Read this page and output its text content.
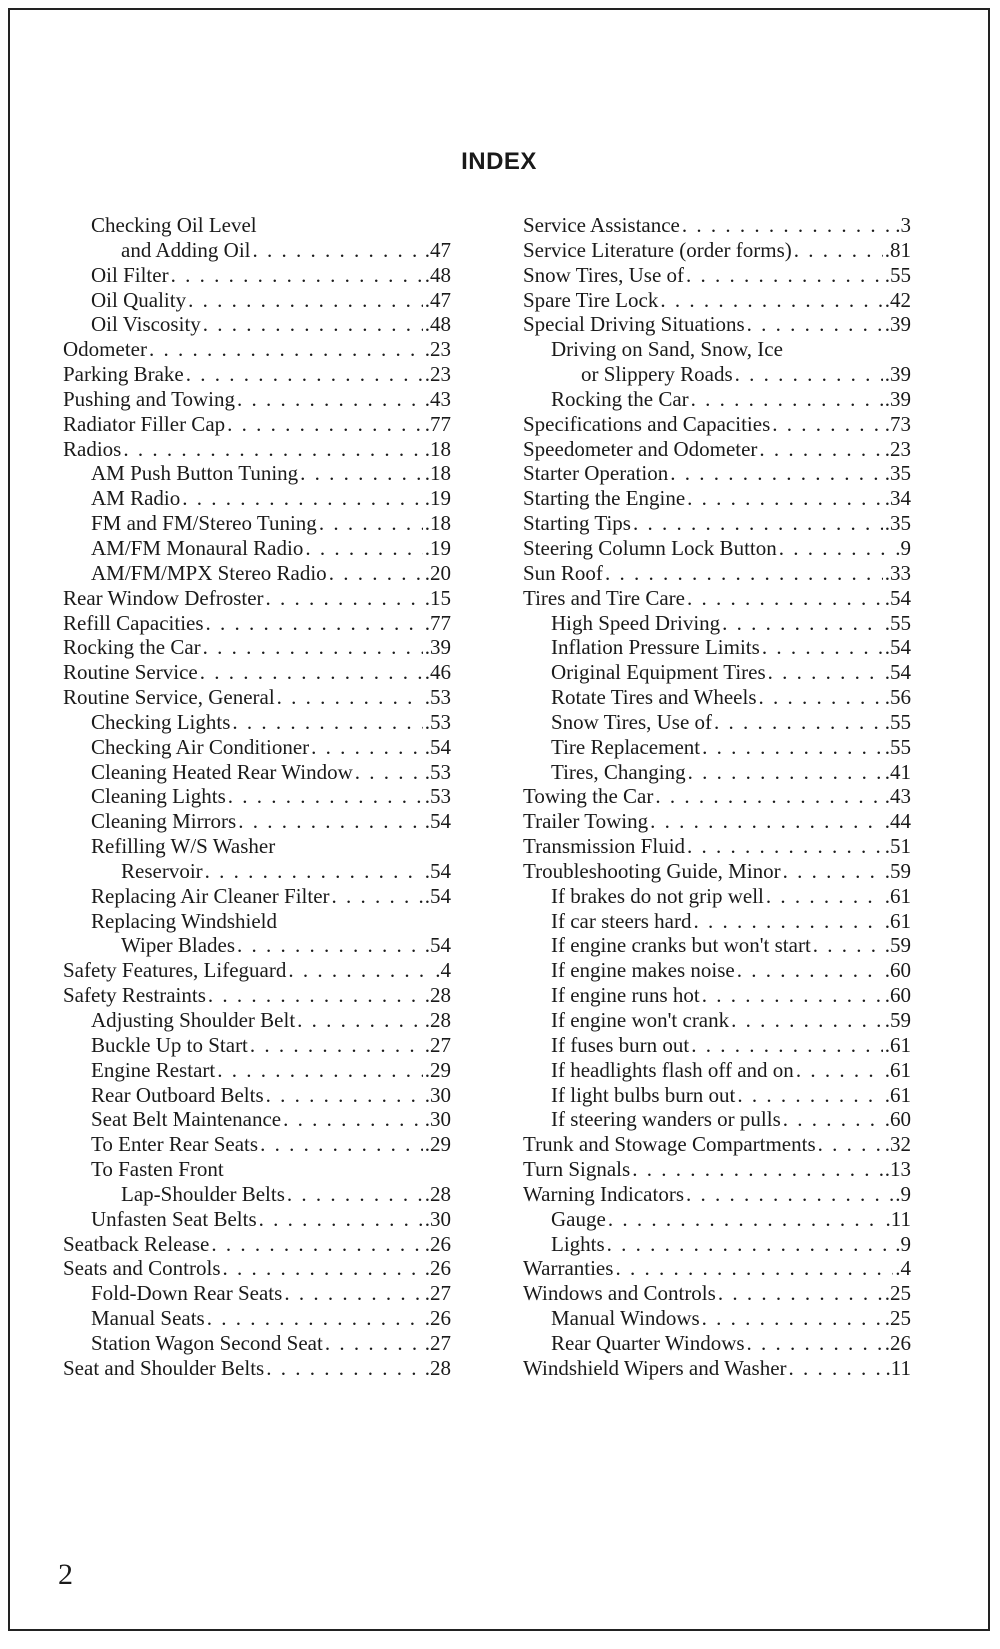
INDEX
Checking Oil Level
and Adding Oil . . .	.47
Oil Filter . . .	.48
Oil Quality . . .	.47
Oil Viscosity . . .	.48
Odometer . . .	.23
Parking Brake . . .	.23
Pushing and Towing . . .	.43
Radiator Filler Cap . . .	.77
Radios . . .	.18
AM Push Button Tuning . . .	.18
AM Radio . . .	.19
FM and FM/Stereo Tuning . . .	.18
AM/FM Monaural Radio . . .	.19
AM/FM/MPX Stereo Radio . . .	.20
Rear Window Defroster . . .	.15
Refill Capacities . . .	.77
Rocking the Car . . .	.39
Routine Service . . .	.46
Routine Service, General . . .	.53
Checking Lights . . .	.53
Checking Air Conditioner . . .	.54
Cleaning Heated Rear Window . . .	.53
Cleaning Lights . . .	.53
Cleaning Mirrors . . .	.54
Refilling W/S Washer
Reservoir . . .	.54
Replacing Air Cleaner Filter . . .	.54
Replacing Windshield
Wiper Blades . . .	.54
Safety Features, Lifeguard . . .	.4
Safety Restraints . . .	.28
Adjusting Shoulder Belt . . .	.28
Buckle Up to Start . . .	.27
Engine Restart . . .	.29
Rear Outboard Belts . . .	.30
Seat Belt Maintenance . . .	.30
To Enter Rear Seats . . .	.29
To Fasten Front
Lap-Shoulder Belts . . .	.28
Unfasten Seat Belts . . .	.30
Seatback Release . . .	.26
Seats and Controls . . .	.26
Fold-Down Rear Seats . . .	.27
Manual Seats . . .	.26
Station Wagon Second Seat . . .	.27
Seat and Shoulder Belts . . .	.28
Service Assistance . . .	.3
Service Literature (order forms) . . .	.81
Snow Tires, Use of . . .	.55
Spare Tire Lock . . .	.42
Special Driving Situations . . .	.39
Driving on Sand, Snow, Ice
or Slippery Roads . . .	.39
Rocking the Car . . .	.39
Specifications and Capacities . . .	.73
Speedometer and Odometer . . .	.23
Starter Operation . . .	.35
Starting the Engine . . .	.34
Starting Tips . . .	.35
Steering Column Lock Button . . .	.9
Sun Roof . . .	.33
Tires and Tire Care . . .	.54
High Speed Driving . . .	.55
Inflation Pressure Limits . . .	.54
Original Equipment Tires . . .	.54
Rotate Tires and Wheels . . .	.56
Snow Tires, Use of . . .	.55
Tire Replacement . . .	.55
Tires, Changing . . .	.41
Towing the Car . . .	.43
Trailer Towing . . .	.44
Transmission Fluid . . .	.51
Troubleshooting Guide, Minor . . .	.59
If brakes do not grip well . . .	.61
If car steers hard . . .	.61
If engine cranks but won't start . . .	.59
If engine makes noise . . .	.60
If engine runs hot . . .	.60
If engine won't crank . . .	.59
If fuses burn out . . .	.61
If headlights flash off and on . . .	.61
If light bulbs burn out . . .	.61
If steering wanders or pulls . . .	.60
Trunk and Stowage Compartments . . .	.32
Turn Signals . . .	.13
Warning Indicators . . .	.9
Gauge . . .	.11
Lights . . .	.9
Warranties . . .	.4
Windows and Controls . . .	.25
Manual Windows . . .	.25
Rear Quarter Windows . . .	.26
Windshield Wipers and Washer . . .	.11
2
